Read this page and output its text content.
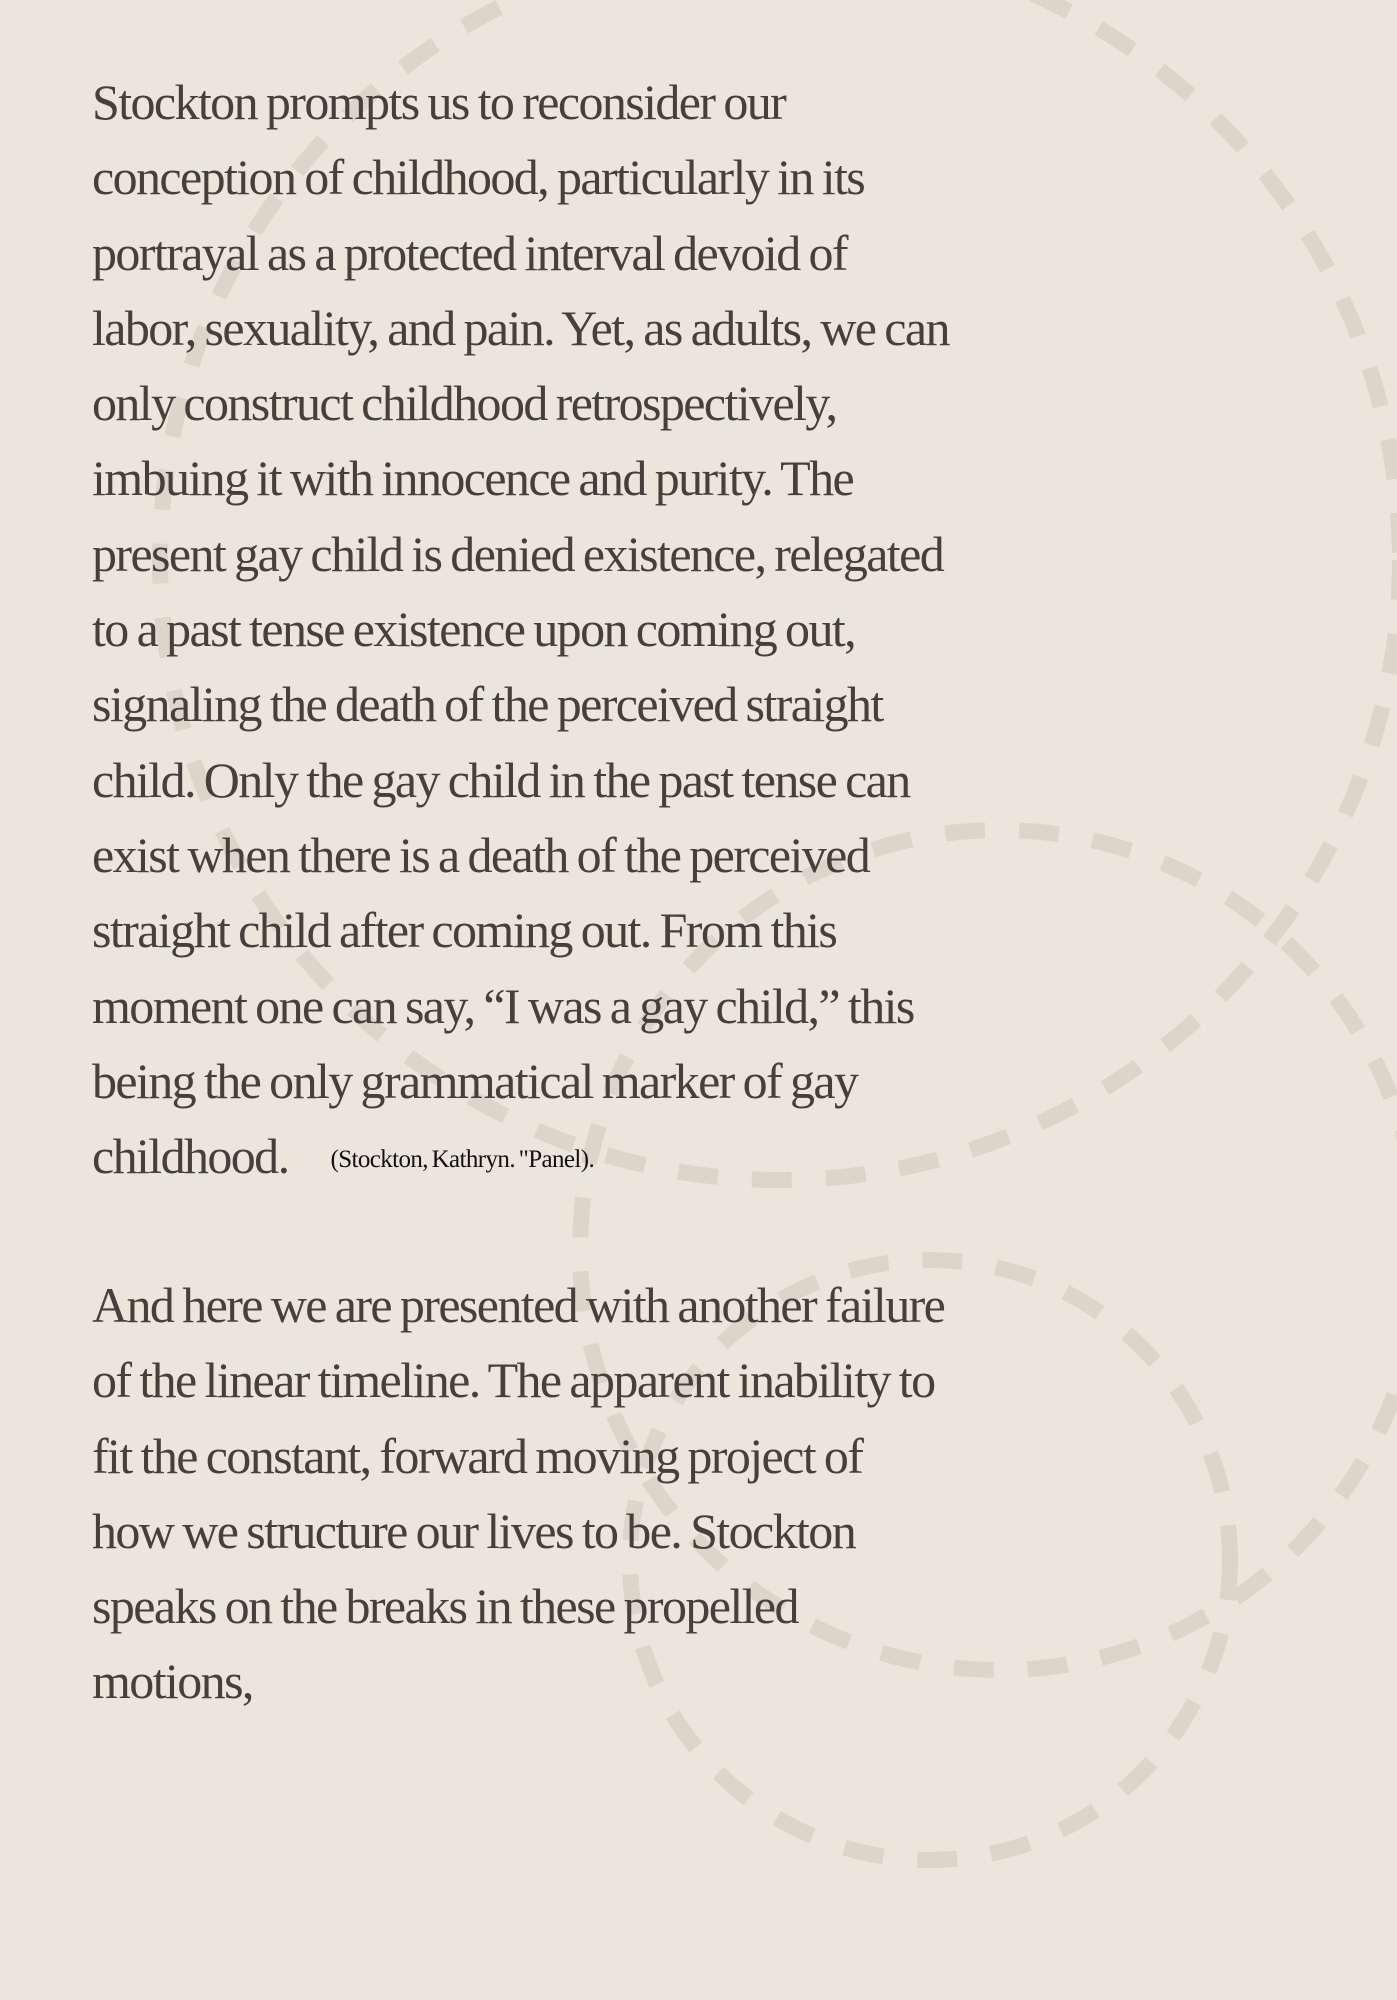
Stockton prompts us to reconsider our
conception of childhood, particularly in its
portrayal as a protected interval devoid of
labor, sexuality, and pain. Yet, as adults, we can
only construct childhood retrospectively,
imbuing it with innocence and purity. The
present gay child is denied existence, relegated
to a past tense existence upon coming out,
signaling the death of the perceived straight
child. Only the gay child in the past tense can
exist when there is a death of the perceived
straight child after coming out. From this
moment one can say, “I was a gay child,” this
being the only grammatical marker of gay
childhood. (Stockton, Kathryn. "Panel).
And here we are presented with another failure
of the linear timeline. The apparent inability to
fit the constant, forward moving project of
how we structure our lives to be. Stockton
speaks on the breaks in these propelled
motions,
